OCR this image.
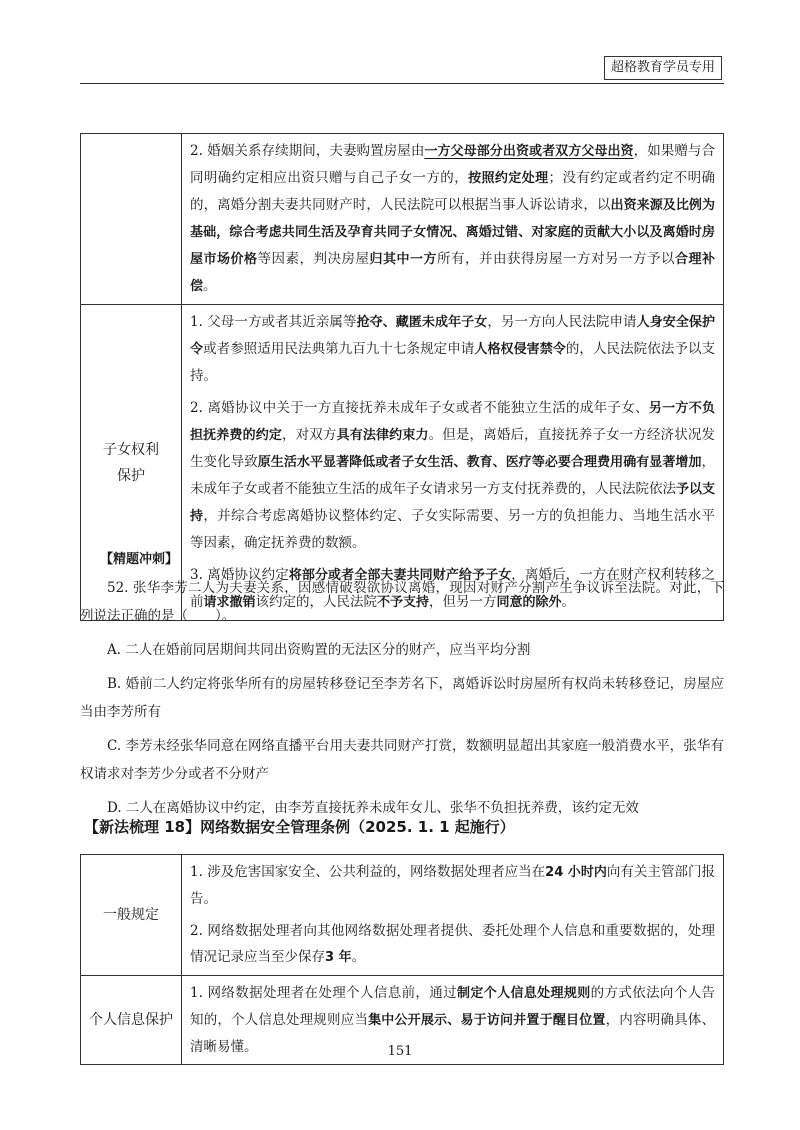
超格教育学员专用

	2. 婚姻关系存续期间，夫妻购置房屋由一方父母部分出资或者双方父母出资，如果赠与合同明确约定相应出资只赠与自己子女一方的，按照约定处理；没有约定或者约定不明确的，离婚分割夫妻共同财产时，人民法院可以根据当事人诉讼请求，以出资来源及比例为基础，综合考虑共同生活及孕育共同子女情况、离婚过错、对家庭的贡献大小以及离婚时房屋市场价格等因素，判决房屋归其中一方所有，并由获得房屋一方对另一方予以合理补偿。

子女权利保护	1. 父母一方或者其近亲属等抢夺、藏匿未成年子女，另一方向人民法院申请人身安全保护令或者参照适用民法典第九百九十七条规定申请人格权侵害禁令的，人民法院依法予以支持。

2. 离婚协议中关于一方直接抚养未成年子女或者不能独立生活的成年子女、另一方不负担抚养费的约定，对双方具有法律约束力。但是，离婚后，直接抚养子女一方经济状况发生变化导致原生活水平显著降低或者子女生活、教育、医疗等必要合理费用确有显著增加，未成年子女或者不能独立生活的成年子女请求另一方支付抚养费的，人民法院依法予以支持，并综合考虑离婚协议整体约定、子女实际需要、另一方的负担能力、当地生活水平等因素，确定抚养费的数额。

3. 离婚协议约定将部分或者全部夫妻共同财产给予子女，离婚后，一方在财产权利转移之前请求撤销该约定的，人民法院不予支持，但另一方同意的除外。

【精题冲刺】

52. 张华李芳二人为夫妻关系，因感情破裂欲协议离婚，现因对财产分割产生争议诉至法院。对此，下列说法正确的是（　　）。

A. 二人在婚前同居期间共同出资购置的无法区分的财产，应当平均分割

B. 婚前二人约定将张华所有的房屋转移登记至李芳名下，离婚诉讼时房屋所有权尚未转移登记，房屋应当由李芳所有

C. 李芳未经张华同意在网络直播平台用夫妻共同财产打赏，数额明显超出其家庭一般消费水平，张华有权请求对李芳少分或者不分财产

D. 二人在离婚协议中约定，由李芳直接抚养未成年女儿、张华不负担抚养费，该约定无效

【新法梳理 18】网络数据安全管理条例（2025. 1. 1 起施行）
一般规定	1. 涉及危害国家安全、公共利益的，网络数据处理者应当在24 小时内向有关主管部门报告。

2. 网络数据处理者向其他网络数据处理者提供、委托处理个人信息和重要数据的，处理情况记录应当至少保存3 年。

个人信息保护	1. 网络数据处理者在处理个人信息前，通过制定个人信息处理规则的方式依法向个人告知的，个人信息处理规则应当集中公开展示、易于访问并置于醒目位置，内容明确具体、清晰易懂。	151
